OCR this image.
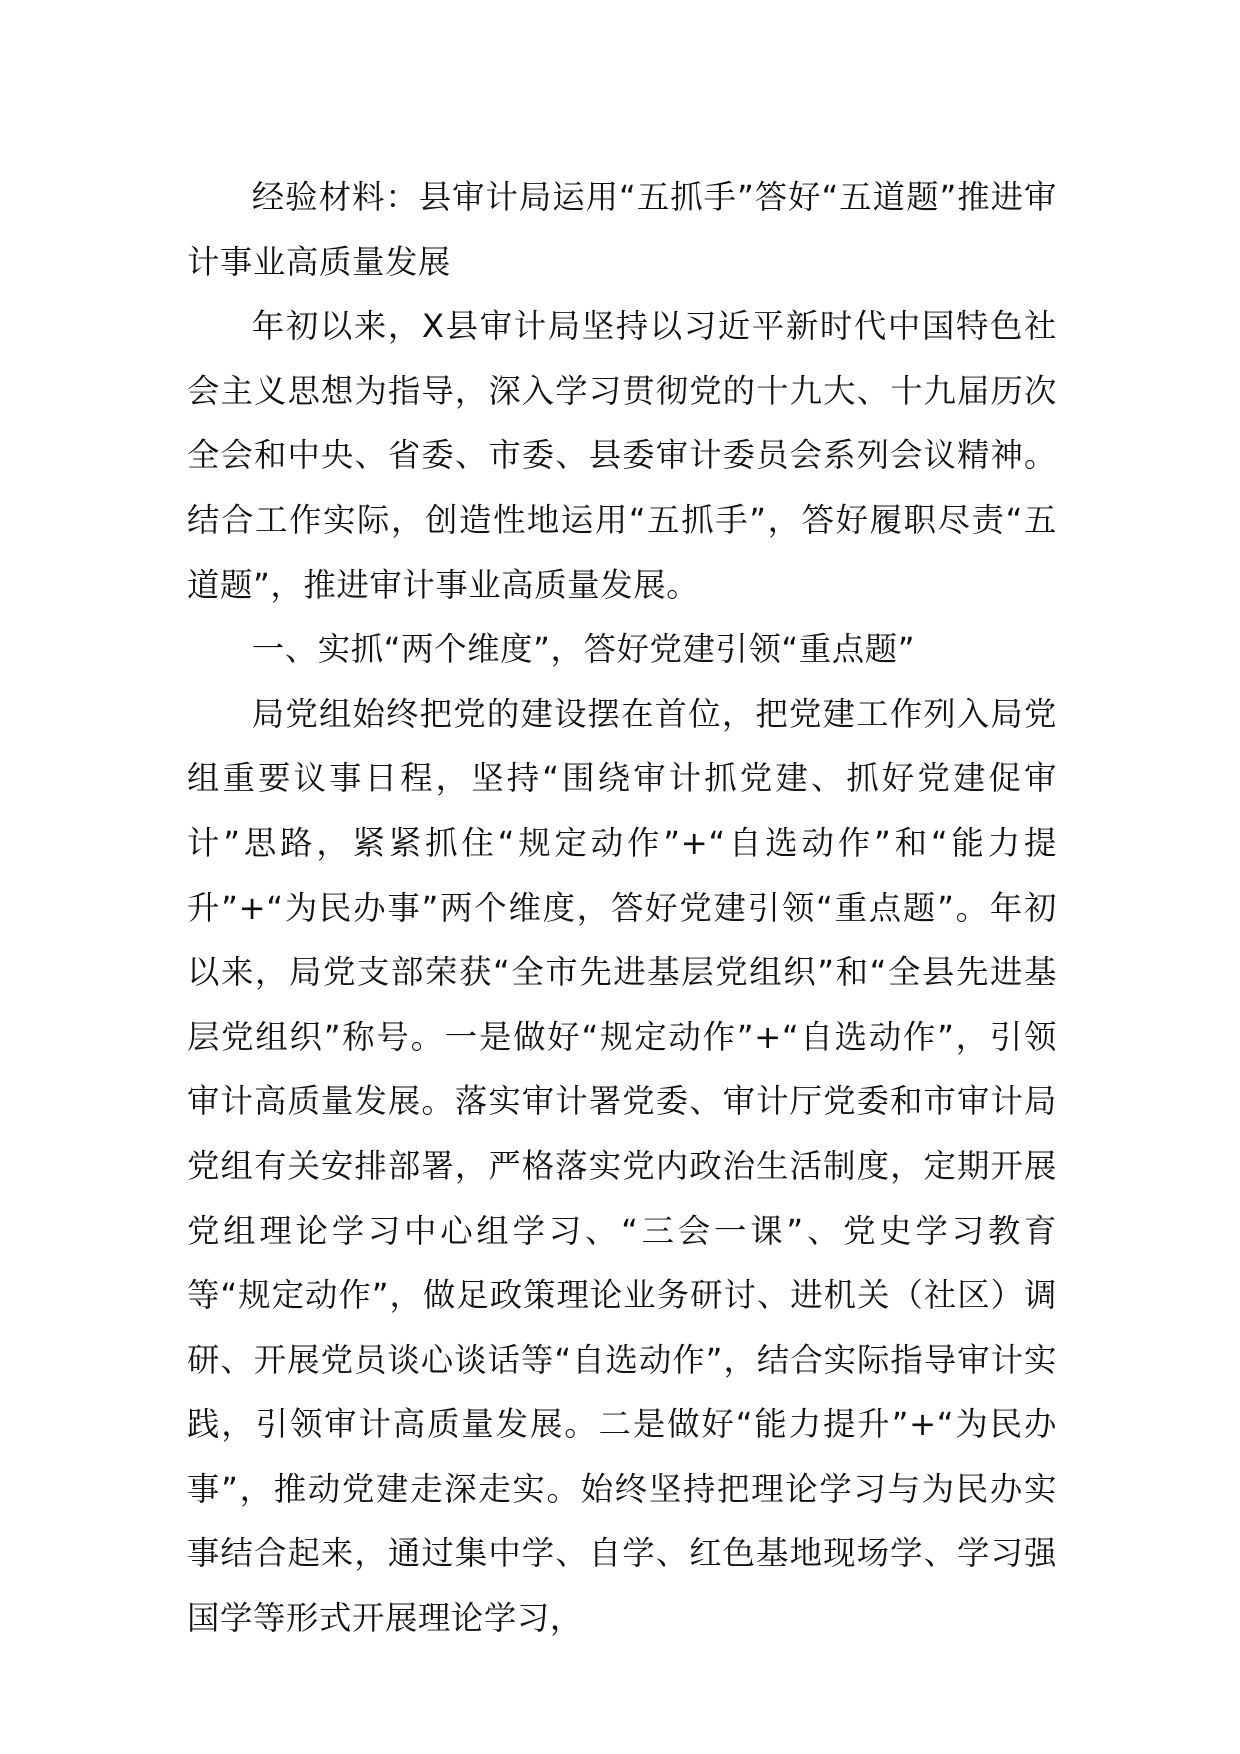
经验材料：县审计局运用“五抓手”答好“五道题”推进审计事业高质量发展

年初以来，X县审计局坚持以习近平新时代中国特色社会主义思想为指导，深入学习贯彻党的十九大、十九届历次全会和中央、省委、市委、县委审计委员会系列会议精神。结合工作实际，创造性地运用“五抓手”，答好履职尽责“五道题”，推进审计事业高质量发展。

一、实抓“两个维度”，答好党建引领“重点题”

局党组始终把党的建设摆在首位，把党建工作列入局党组重要议事日程，坚持“围绕审计抓党建、抓好党建促审计”思路，紧紧抓住“规定动作”+“自选动作”和“能力提升”+“为民办事”两个维度，答好党建引领“重点题”。年初以来，局党支部荣获“全市先进基层党组织”和“全县先进基层党组织”称号。一是做好“规定动作”+“自选动作”，引领审计高质量发展。落实审计署党委、审计厅党委和市审计局党组有关安排部署，严格落实党内政治生活制度，定期开展党组理论学习中心组学习、“三会一课”、党史学习教育等“规定动作”，做足政策理论业务研讨、进机关（社区）调研、开展党员谈心谈话等“自选动作”，结合实际指导审计实践，引领审计高质量发展。二是做好“能力提升”+“为民办事”，推动党建走深走实。始终坚持把理论学习与为民办实事结合起来，通过集中学、自学、红色基地现场学、学习强国学等形式开展理论学习，
